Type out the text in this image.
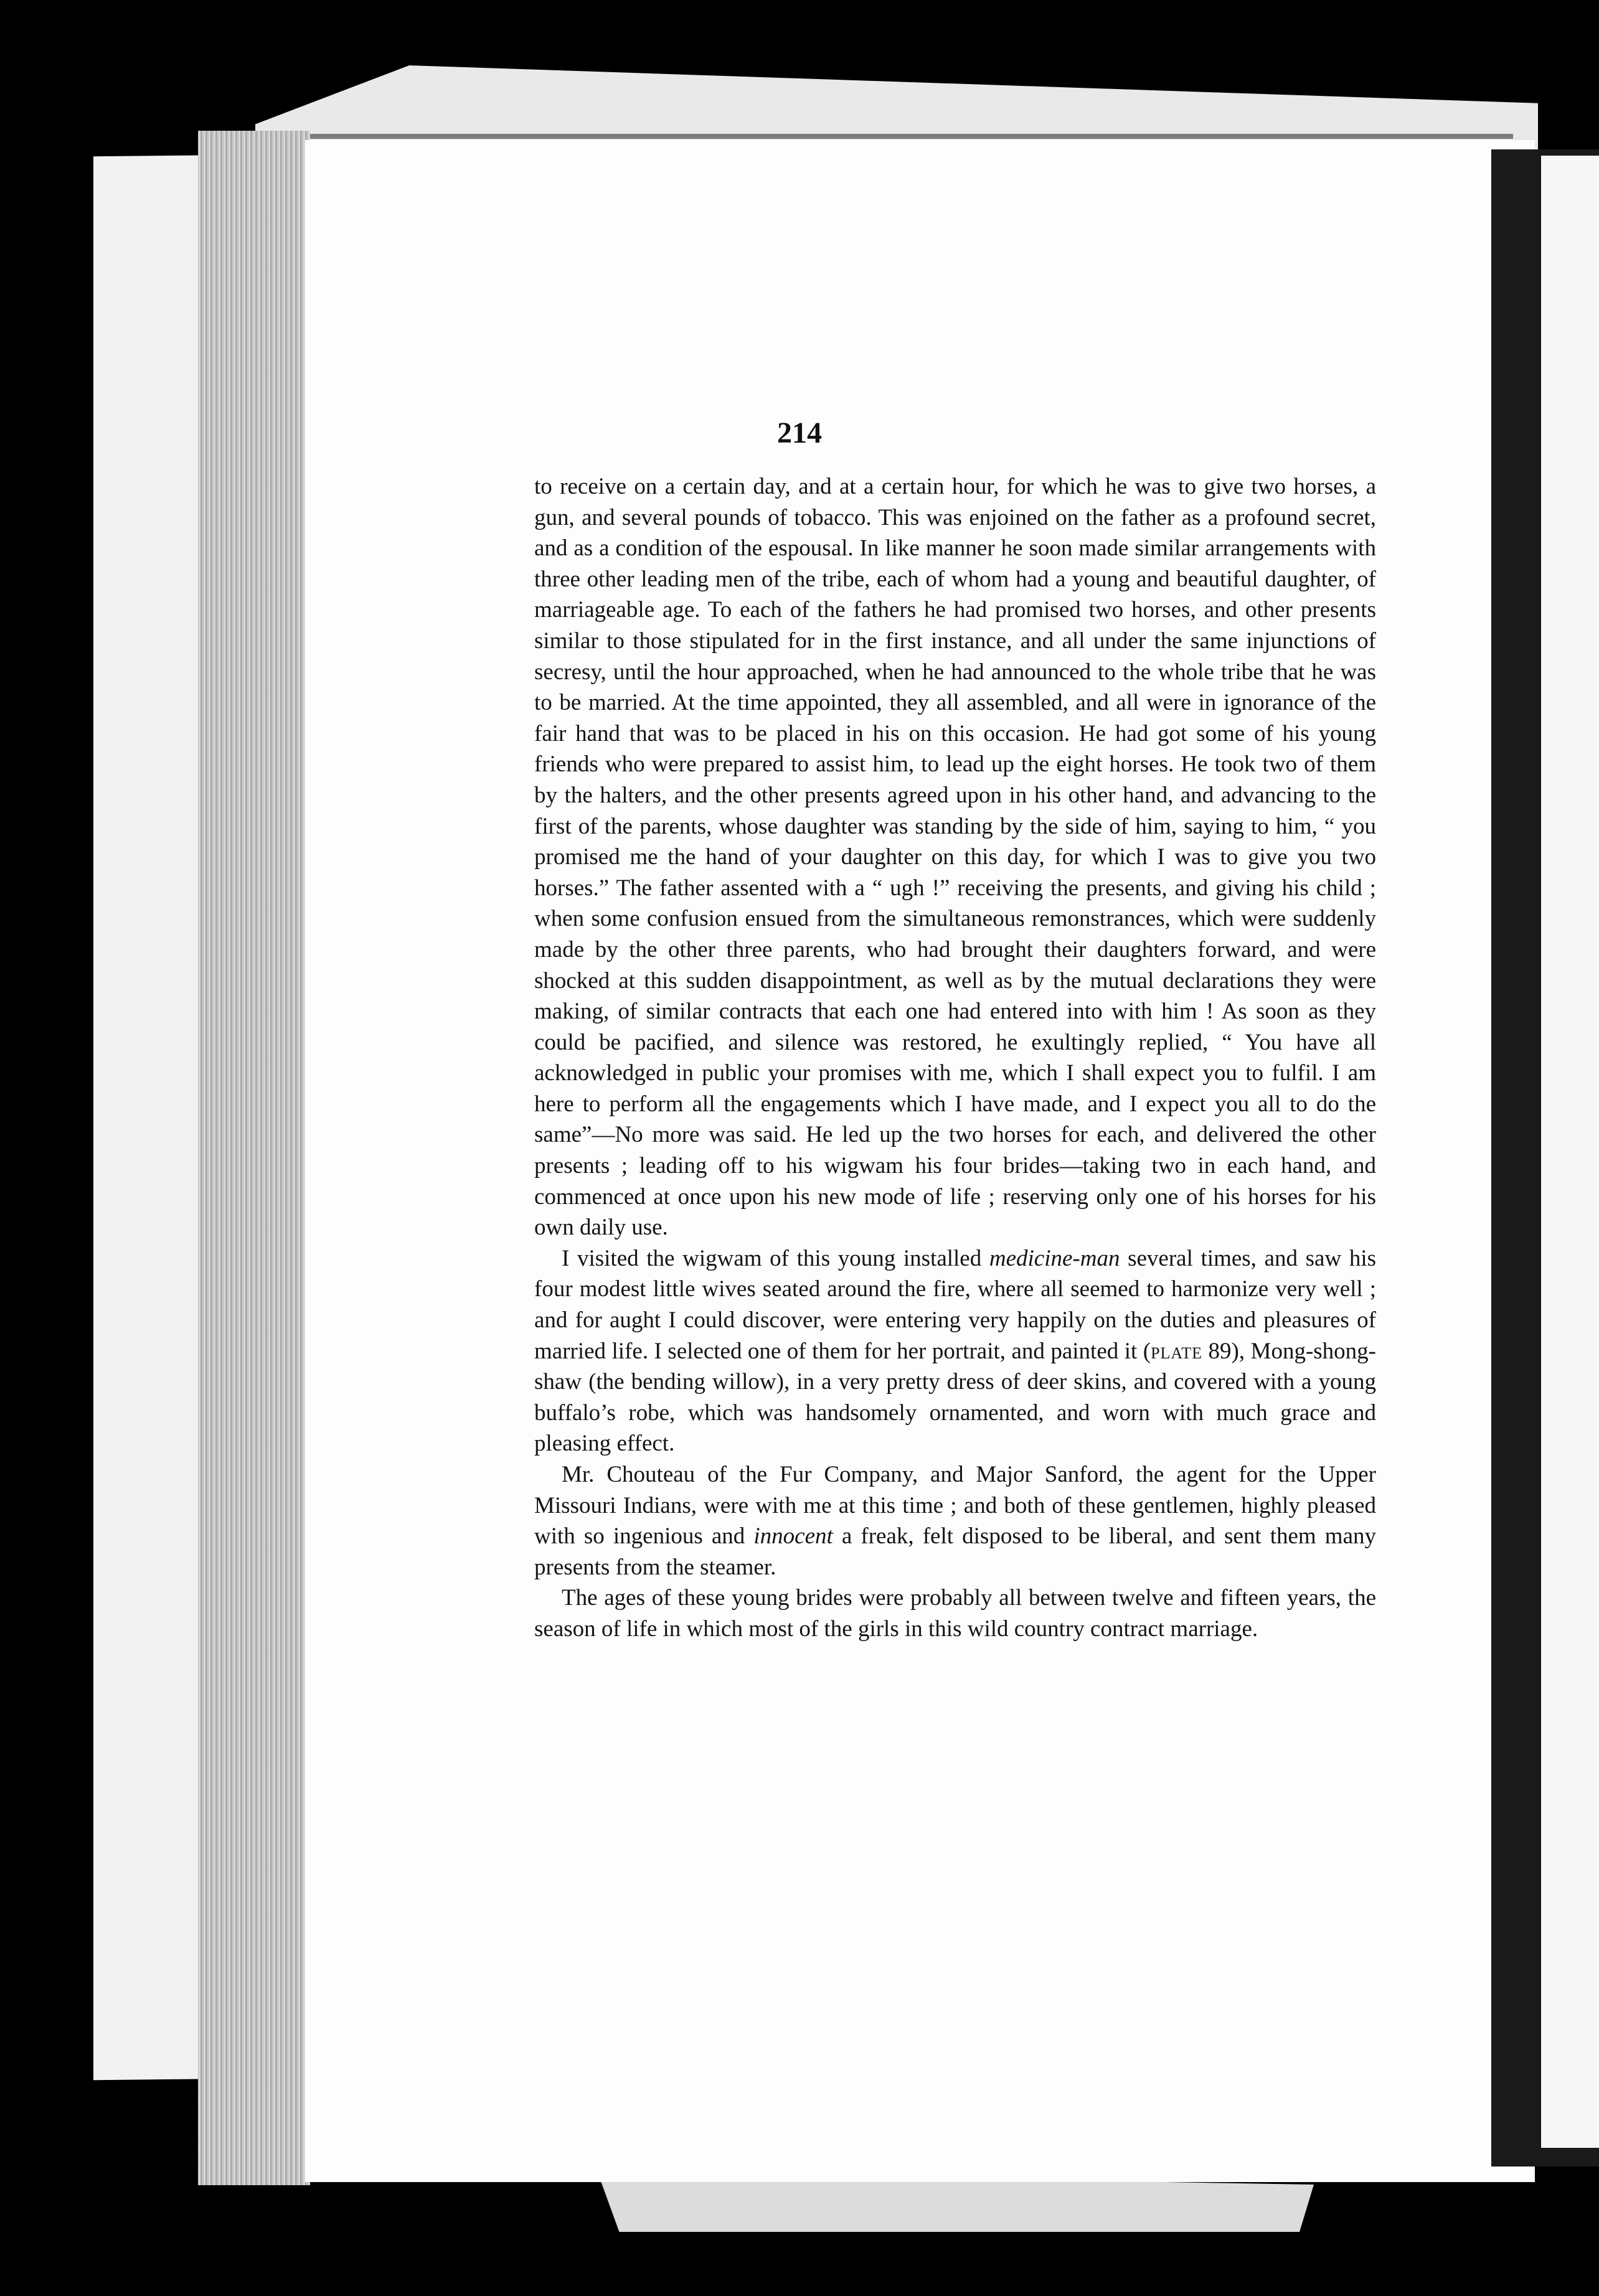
214

to receive on a certain day, and at a certain hour, for which he was to give two horses, a gun, and several pounds of tobacco. This was enjoined on the father as a profound secret, and as a condition of the espousal. In like manner he soon made similar arrangements with three other leading men of the tribe, each of whom had a young and beautiful daughter, of marriageable age. To each of the fathers he had promised two horses, and other presents similar to those stipulated for in the first instance, and all under the same injunctions of secresy, until the hour approached, when he had announced to the whole tribe that he was to be married. At the time appointed, they all assembled, and all were in ignorance of the fair hand that was to be placed in his on this occasion. He had got some of his young friends who were prepared to assist him, to lead up the eight horses. He took two of them by the halters, and the other presents agreed upon in his other hand, and advancing to the first of the parents, whose daughter was standing by the side of him, saying to him, “ you promised me the hand of your daughter on this day, for which I was to give you two horses.” The father assented with a “ ugh !” receiving the presents, and giving his child ; when some confusion ensued from the simultaneous remonstrances, which were suddenly made by the other three parents, who had brought their daughters forward, and were shocked at this sudden disappointment, as well as by the mutual declarations they were making, of similar contracts that each one had entered into with him ! As soon as they could be pacified, and silence was restored, he exultingly replied, “ You have all acknowledged in public your promises with me, which I shall expect you to fulfil. I am here to perform all the engagements which I have made, and I expect you all to do the same”—No more was said. He led up the two horses for each, and delivered the other presents ; leading off to his wigwam his four brides—taking two in each hand, and commenced at once upon his new mode of life ; reserving only one of his horses for his own daily use.

I visited the wigwam of this young installed medicine-man several times, and saw his four modest little wives seated around the fire, where all seemed to harmonize very well ; and for aught I could discover, were entering very happily on the duties and pleasures of married life. I selected one of them for her portrait, and painted it (plate 89), Mong-shong-shaw (the bending willow), in a very pretty dress of deer skins, and covered with a young buffalo’s robe, which was handsomely ornamented, and worn with much grace and pleasing effect.

Mr. Chouteau of the Fur Company, and Major Sanford, the agent for the Upper Missouri Indians, were with me at this time ; and both of these gentlemen, highly pleased with so ingenious and innocent a freak, felt disposed to be liberal, and sent them many presents from the steamer.

The ages of these young brides were probably all between twelve and fifteen years, the season of life in which most of the girls in this wild country contract marriage.
